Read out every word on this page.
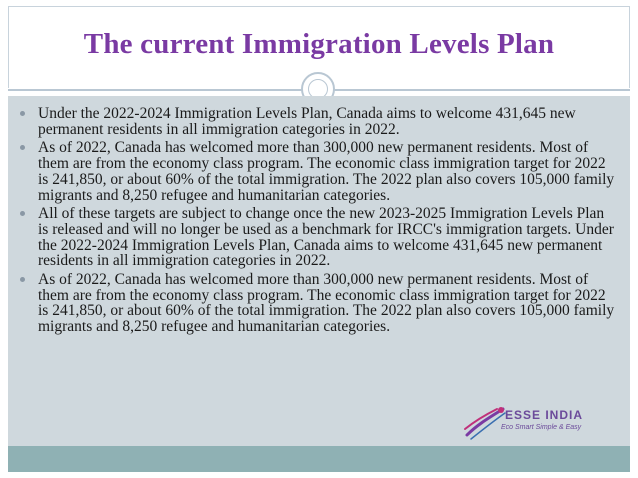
The current Immigration Levels Plan
Under the 2022-2024 Immigration Levels Plan, Canada aims to welcome 431,645 new permanent residents in all immigration categories in 2022.
As of 2022, Canada has welcomed more than 300,000 new permanent residents. Most of them are from the economy class program. The economic class immigration target for 2022 is 241,850, or about 60% of the total immigration. The 2022 plan also covers 105,000 family migrants and 8,250 refugee and humanitarian categories.
All of these targets are subject to change once the new 2023-2025 Immigration Levels Plan is released and will no longer be used as a benchmark for IRCC's immigration targets. Under the 2022-2024 Immigration Levels Plan, Canada aims to welcome 431,645 new permanent residents in all immigration categories in 2022.
As of 2022, Canada has welcomed more than 300,000 new permanent residents. Most of them are from the economy class program. The economic class immigration target for 2022 is 241,850, or about 60% of the total immigration. The 2022 plan also covers 105,000 family migrants and 8,250 refugee and humanitarian categories.
ESSE INDIA
Eco Smart Simple & Easy
